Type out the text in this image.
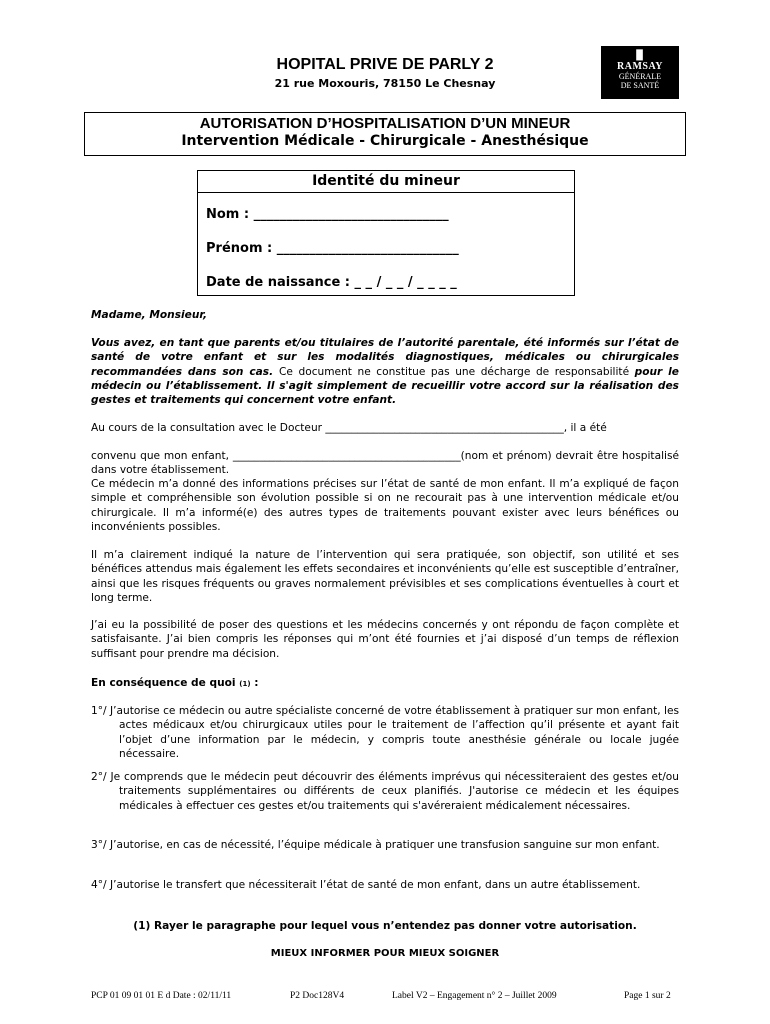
HOPITAL PRIVE DE PARLY 2
21 rue Moxouris, 78150 Le Chesnay
▉
RAMSAY
GÉNÉRALE
DE SANTÉ
AUTORISATION D’HOSPITALISATION D’UN MINEUR
Intervention Médicale - Chirurgicale - Anesthésique
Identité du mineur
Nom : ______________________________
Prénom : ____________________________
Date de naissance : _ _ / _ _ / _ _ _ _
Madame, Monsieur,
Vous avez, en tant que parents et/ou titulaires de l’autorité parentale, été informés sur l’état de santé de votre enfant et sur les modalités diagnostiques, médicales ou chirurgicales recommandées dans son cas. Ce document ne constitue pas une décharge de responsabilité pour le médecin ou l’établissement. Il s'agit simplement de recueillir votre accord sur la réalisation des gestes et traitements qui concernent votre enfant.
Au cours de la consultation avec le Docteur _____________________________________________, il a été
convenu que mon enfant, ___________________________________________(nom et prénom) devrait être hospitalisé dans votre établissement.
Ce médecin m’a donné des informations précises sur l’état de santé de mon enfant. Il m’a expliqué de façon simple et compréhensible son évolution possible si on ne recourait pas à une intervention médicale et/ou chirurgicale. Il m’a informé(e) des autres types de traitements pouvant exister avec leurs bénéfices ou inconvénients possibles.
Il m’a clairement indiqué la nature de l’intervention qui sera pratiquée, son objectif, son utilité et ses bénéfices attendus mais également les effets secondaires et inconvénients qu’elle est susceptible d’entraîner, ainsi que les risques fréquents ou graves normalement prévisibles et ses complications éventuelles à court et long terme.
J’ai eu la possibilité de poser des questions et les médecins concernés y ont répondu de façon complète et satisfaisante. J’ai bien compris les réponses qui m’ont été fournies et j’ai disposé d’un temps de réflexion suffisant pour prendre ma décision.
En conséquence de quoi (1) :
1°/ J’autorise ce médecin ou autre spécialiste concerné de votre établissement à pratiquer sur mon enfant, les actes médicaux et/ou chirurgicaux utiles pour le traitement de l’affection qu’il présente et ayant fait l’objet d’une information par le médecin, y compris toute anesthésie générale ou locale jugée nécessaire.
2°/ Je comprends que le médecin peut découvrir des éléments imprévus qui nécessiteraient des gestes et/ou traitements supplémentaires ou différents de ceux planifiés. J'autorise ce médecin et les équipes médicales à effectuer ces gestes et/ou traitements qui s'avéreraient médicalement nécessaires.
3°/ J’autorise, en cas de nécessité, l’équipe médicale à pratiquer une transfusion sanguine sur mon enfant.
4°/ J’autorise le transfert que nécessiterait l’état de santé de mon enfant, dans un autre établissement.
(1) Rayer le paragraphe pour lequel vous n’entendez pas donner votre autorisation.
MIEUX INFORMER POUR MIEUX SOIGNER
PCP 01 09 01 01 E d Date : 02/11/11	P2 Doc128V4	Label V2 – Engagement n° 2 – Juillet 2009	Page 1 sur 2
